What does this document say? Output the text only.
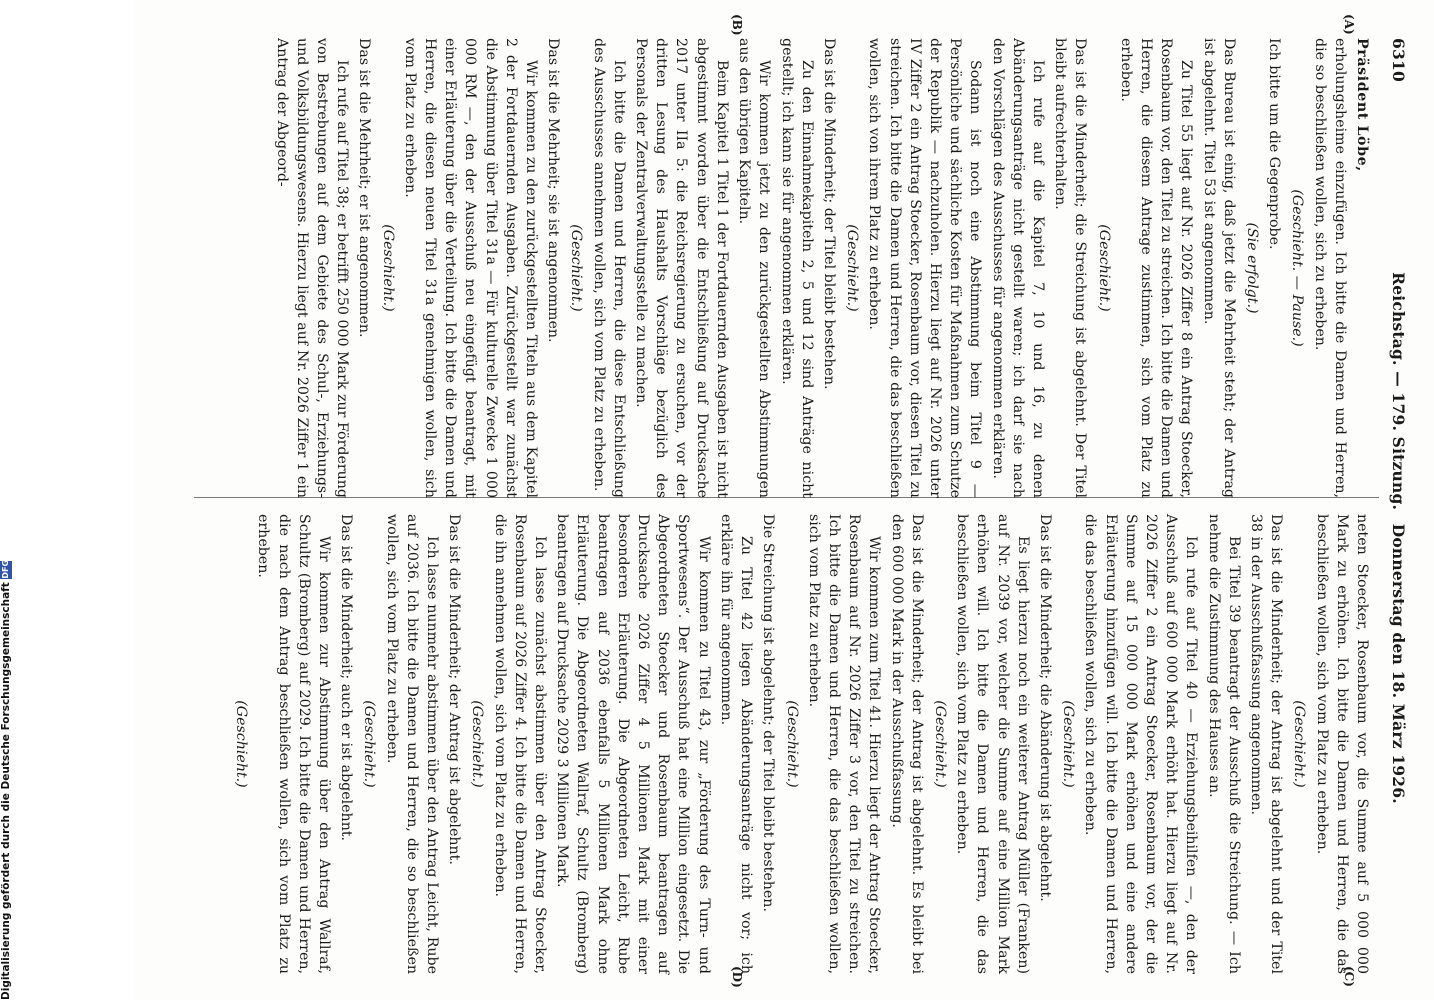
6310
Reichstag. — 179. Sitzung. Donnerstag den 18. März 1926.
(A)
(B)
(C)
(D)

Präsident Löbe,

erholungsheime einzufügen. Ich bitte die Damen und Herren, die so beschließen wollen, sich zu erheben.

(Geschieht. — Pause.)

Ich bitte um die Gegenprobe.

(Sie erfolgt.)

Das Bureau ist einig, daß jetzt die Mehrheit steht; der Antrag ist abgelehnt. Titel 53 ist angenommen.

Zu Titel 55 liegt auf Nr. 2026 Ziffer 8 ein Antrag Stoecker, Rosenbaum vor, den Titel zu streichen. Ich bitte die Damen und Herren, die diesem Antrage zustimmen, sich vom Platz zu erheben.

(Geschieht.)

Das ist die Minderheit; die Streichung ist abgelehnt. Der Titel bleibt aufrechterhalten.

Ich rufe auf die Kapitel 7, 10 und 16, zu denen Abänderungsanträge nicht gestellt waren; ich darf sie nach den Vorschlägen des Ausschusses für angenommen erklären.

Sodann ist noch eine Abstimmung beim Titel 9 — Persönliche und sächliche Kosten für Maßnahmen zum Schutze der Republik — nachzuholen. Hierzu liegt auf Nr. 2026 unter IV Ziffer 2 ein Antrag Stoecker, Rosenbaum vor, diesen Titel zu streichen. Ich bitte die Damen und Herren, die das beschließen wollen, sich von ihrem Platz zu erheben.

(Geschieht.)

Das ist die Minderheit; der Titel bleibt bestehen.

Zu den Einnahmekapiteln 2, 5 und 12 sind Anträge nicht gestellt; ich kann sie für angenommen erklären.

Wir kommen jetzt zu den zurückgestellten Abstimmungen aus den übrigen Kapiteln.

Beim Kapitel 1 Titel 1 der Fortdauernden Ausgaben ist nicht abgestimmt worden über die Entschließung auf Drucksache 2017 unter IIa 5: die Reichsregierung zu ersuchen, vor der dritten Lesung des Haushalts Vorschläge bezüglich des Personals der Zentralverwaltungsstelle zu machen.

Ich bitte die Damen und Herren, die diese Entschließung des Ausschusses annehmen wollen, sich vom Platz zu erheben.

(Geschieht.)

Das ist die Mehrheit; sie ist angenommen.

Wir kommen zu den zurückgestellten Titeln aus dem Kapitel 2 der Fortdauernden Ausgaben. Zurückgestellt war zunächst die Abstimmung über Titel 31a — Für kulturelle Zwecke 1 000 000 RM —, den der Ausschuß neu eingefügt beantragt, mit einer Erläuterung über die Verteilung. Ich bitte die Damen und Herren, die diesen neuen Titel 31a genehmigen wollen, sich vom Platz zu erheben.

(Geschieht.)

Das ist die Mehrheit; er ist angenommen.

Ich rufe auf Titel 38; er betrifft 250 000 Mark zur Förderung von Bestrebungen auf dem Gebiete des Schul-, Erziehungs- und Volksbildungswesens. Hierzu liegt auf Nr. 2026 Ziffer 1 ein Antrag der Abgeord-

neten Stoecker, Rosenbaum vor, die Summe auf 5 000 000 Mark zu erhöhen. Ich bitte die Damen und Herren, die das beschließen wollen, sich vom Platz zu erheben.

(Geschieht.)

Das ist die Minderheit; der Antrag ist abgelehnt und der Titel 38 in der Ausschußfassung angenommen.

Bei Titel 39 beantragt der Ausschuß die Streichung. — Ich nehme die Zustimmung des Hauses an.

Ich rufe auf Titel 40 — Erziehungsbeihilfen —, den der Ausschuß auf 600 000 Mark erhöht hat. Hierzu liegt auf Nr. 2026 Ziffer 2 ein Antrag Stoecker, Rosenbaum vor, der die Summe auf 15 000 000 Mark erhöhen und eine andere Erläuterung hinzufügen will. Ich bitte die Damen und Herren, die das beschließen wollen, sich zu erheben.

(Geschieht.)

Das ist die Minderheit; die Abänderung ist abgelehnt.

Es liegt hierzu noch ein weiterer Antrag Müller (Franken) auf Nr. 2039 vor, welcher die Summe auf eine Million Mark erhöhen will. Ich bitte die Damen und Herren, die das beschließen wollen, sich vom Platz zu erheben.

(Geschieht.)

Das ist die Minderheit; der Antrag ist abgelehnt. Es bleibt bei den 600 000 Mark in der Ausschußfassung.

Wir kommen zum Titel 41. Hierzu liegt der Antrag Stoecker, Rosenbaum auf Nr. 2026 Ziffer 3 vor, den Titel zu streichen. Ich bitte die Damen und Herren, die das beschließen wollen, sich vom Platz zu erheben.

(Geschieht.)

Die Streichung ist abgelehnt; der Titel bleibt bestehen.

Zu Titel 42 liegen Abänderungsanträge nicht vor; ich erkläre ihn für angenommen.

Wir kommen zu Titel 43, zur „Förderung des Turn- und Sportwesens“. Der Ausschuß hat eine Million eingesetzt. Die Abgeordneten Stoecker und Rosenbaum beantragen auf Drucksache 2026 Ziffer 4 5 Millionen Mark mit einer besonderen Erläuterung. Die Abgeordneten Leicht, Rube beantragen auf 2036 ebenfalls 5 Millionen Mark ohne Erläuterung. Die Abgeordneten Wallraf, Schultz (Bromberg) beantragen auf Drucksache 2029 3 Millionen Mark.

Ich lasse zunächst abstimmen über den Antrag Stoecker, Rosenbaum auf 2026 Ziffer 4. Ich bitte die Damen und Herren, die ihn annehmen wollen, sich vom Platz zu erheben.

(Geschieht.)

Das ist die Minderheit; der Antrag ist abgelehnt.

Ich lasse nunmehr abstimmen über den Antrag Leicht, Rube auf 2036. Ich bitte die Damen und Herren, die so beschließen wollen, sich vom Platz zu erheben.

(Geschieht.)

Das ist die Minderheit; auch er ist abgelehnt.

Wir kommen zur Abstimmung über den Antrag Wallraf, Schultz (Bromberg) auf 2029. Ich bitte die Damen und Herren, die nach dem Antrag beschließen wollen, sich vom Platz zu erheben.

(Geschieht.)

Digitalisierung gefördert durch die Deutsche Forschungsgemeinschaft DFG
